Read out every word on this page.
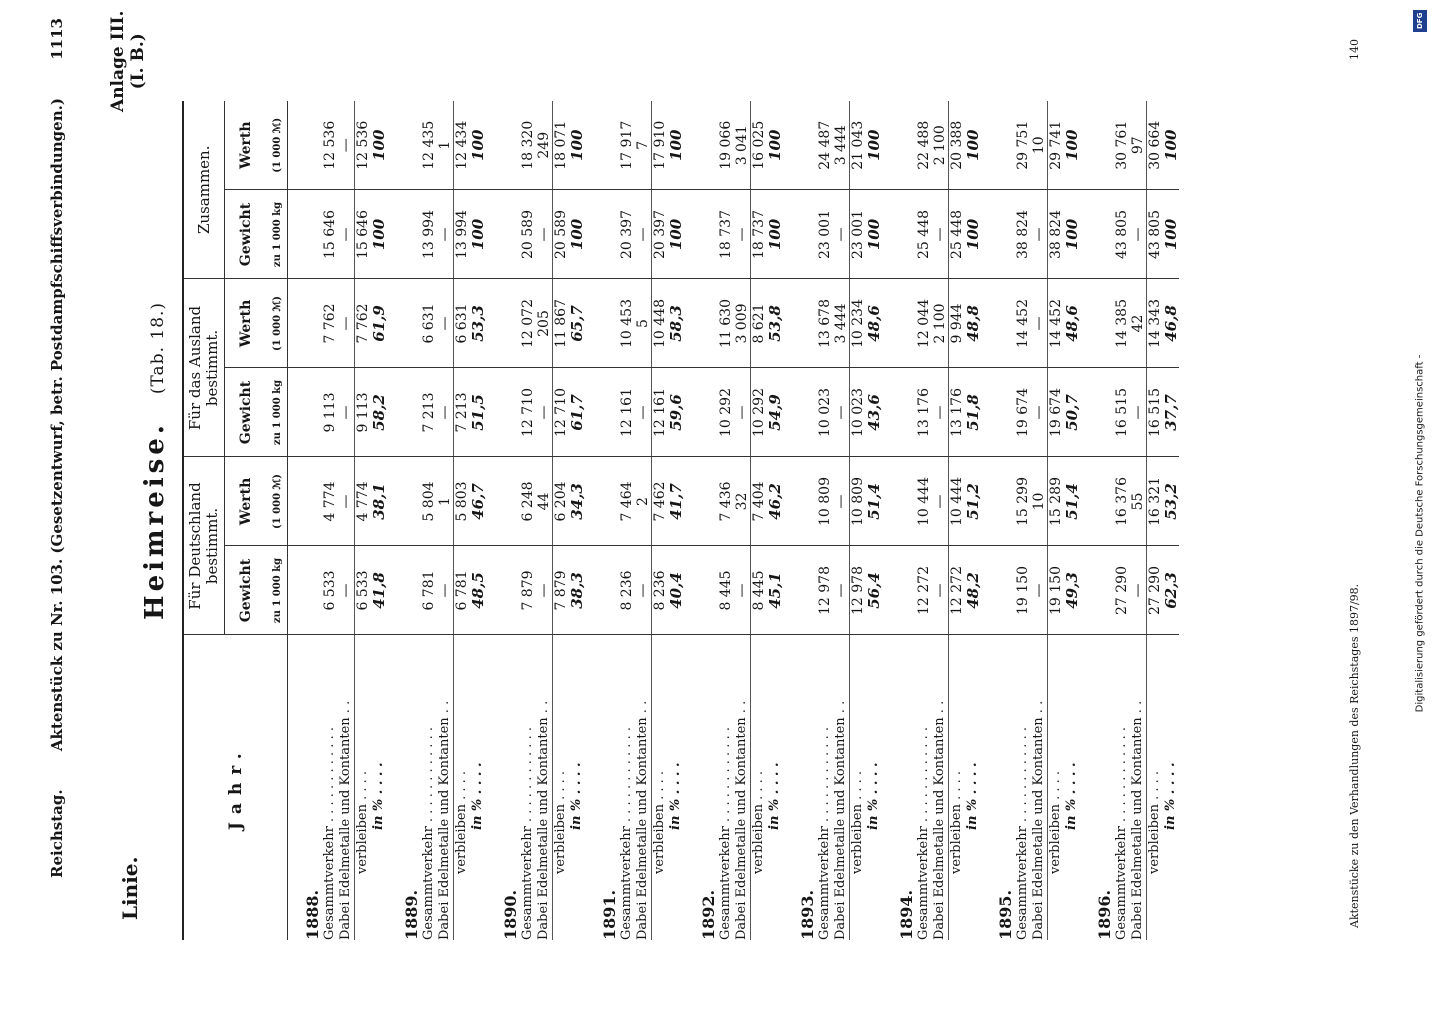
Reichstag.
Aktenstück zu Nr. 103. (Gesetzentwurf, betr. Postdampfschiffsverbindungen.)
1113
Linie.
Anlage III. (I. B.)
Heimreise. (Tab. 18.)
Jahr.	Für Deutschland bestimmt.		Für das Ausland bestimmt.		Zusammen.	
	Gewicht	Werth	Gewicht	Werth	Gewicht	Werth
	zu 1 000 kg	(1 000 ℳ)	zu 1 000 kg	(1 000 ℳ)	zu 1 000 kg	(1 000 ℳ)
1888.						
Gesammtverkehr . . . . . . . . . . . .	6 533	4 774	9 113	7 762	15 646	12 536
Dabei Edelmetalle und Kontanten . .	—	—	—	—	—	—
verbleiben . . . .	6 533	4 774	9 113	7 762	15 646	12 536
in % . . . .	41,8	38,1	58,2	61,9	100	100
1889.						
Gesammtverkehr . . . . . . . . . . . .	6 781	5 804	7 213	6 631	13 994	12 435
Dabei Edelmetalle und Kontanten . .	—	1	—	—	—	1
verbleiben . . . .	6 781	5 803	7 213	6 631	13 994	12 434
in % . . . .	48,5	46,7	51,5	53,3	100	100
1890.						
Gesammtverkehr . . . . . . . . . . . .	7 879	6 248	12 710	12 072	20 589	18 320
Dabei Edelmetalle und Kontanten . .	—	44	—	205	—	249
verbleiben . . . .	7 879	6 204	12 710	11 867	20 589	18 071
in % . . . .	38,3	34,3	61,7	65,7	100	100
1891.						
Gesammtverkehr . . . . . . . . . . . .	8 236	7 464	12 161	10 453	20 397	17 917
Dabei Edelmetalle und Kontanten . .	—	2	—	5	—	7
verbleiben . . . .	8 236	7 462	12 161	10 448	20 397	17 910
in % . . . .	40,4	41,7	59,6	58,3	100	100
1892.						
Gesammtverkehr . . . . . . . . . . . .	8 445	7 436	10 292	11 630	18 737	19 066
Dabei Edelmetalle und Kontanten . .	—	32	—	3 009	—	3 041
verbleiben . . . .	8 445	7 404	10 292	8 621	18 737	16 025
in % . . . .	45,1	46,2	54,9	53,8	100	100
1893.						
Gesammtverkehr . . . . . . . . . . . .	12 978	10 809	10 023	13 678	23 001	24 487
Dabei Edelmetalle und Kontanten . .	—	—	—	3 444	—	3 444
verbleiben . . . .	12 978	10 809	10 023	10 234	23 001	21 043
in % . . . .	56,4	51,4	43,6	48,6	100	100
1894.						
Gesammtverkehr . . . . . . . . . . . .	12 272	10 444	13 176	12 044	25 448	22 488
Dabei Edelmetalle und Kontanten . .	—	—	—	2 100	—	2 100
verbleiben . . . .	12 272	10 444	13 176	9 944	25 448	20 388
in % . . . .	48,2	51,2	51,8	48,8	100	100
1895.						
Gesammtverkehr . . . . . . . . . . . .	19 150	15 299	19 674	14 452	38 824	29 751
Dabei Edelmetalle und Kontanten . .	—	10	—	—	—	10
verbleiben . . . .	19 150	15 289	19 674	14 452	38 824	29 741
in % . . . .	49,3	51,4	50,7	48,6	100	100
1896.						
Gesammtverkehr . . . . . . . . . . . .	27 290	16 376	16 515	14 385	43 805	30 761
Dabei Edelmetalle und Kontanten . .	—	55	—	42	—	97
verbleiben . . . .	27 290	16 321	16 515	14 343	43 805	30 664
in % . . . .	62,3	53,2	37,7	46,8	100	100
Aktenstücke zu den Verhandlungen des Reichstages 1897/98.
140
DFG
Digitalisierung gefördert durch die Deutsche Forschungsgemeinschaft -
